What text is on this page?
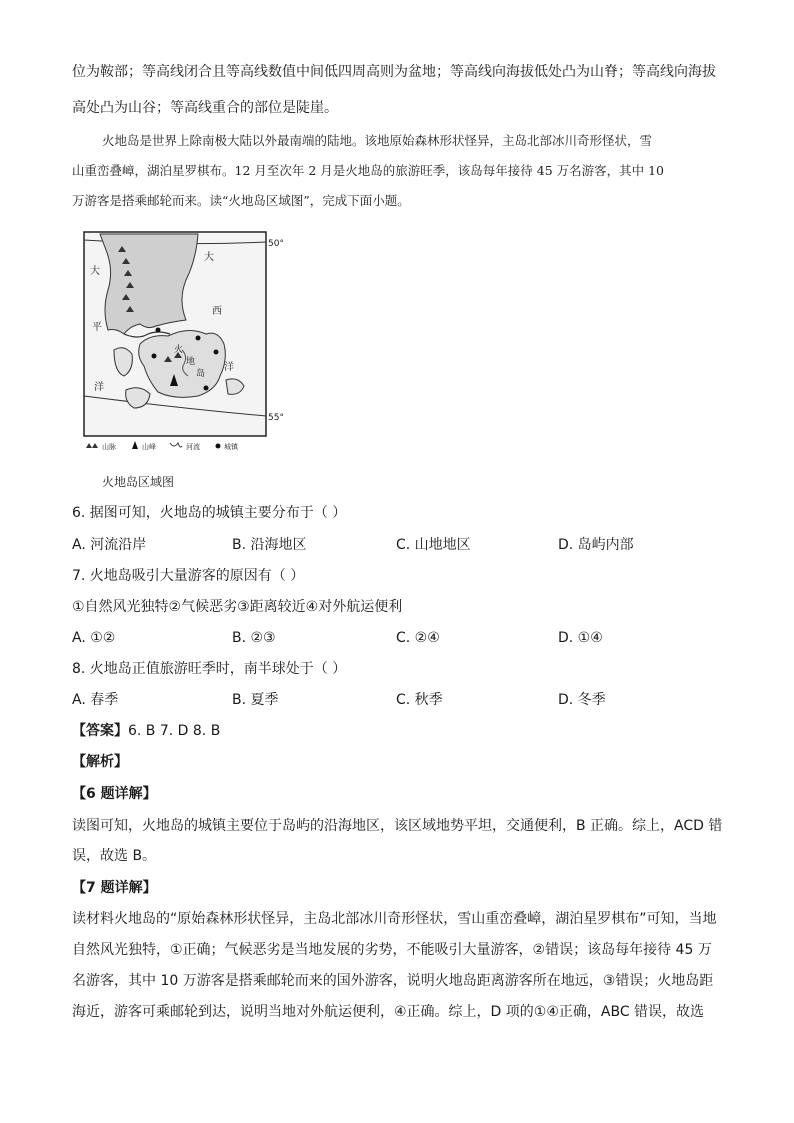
位为鞍部；等高线闭合且等高线数值中间低四周高则为盆地；等高线向海拔低处凸为山脊；等高线向海拔
高处凸为山谷；等高线重合的部位是陡崖。
火地岛是世界上除南极大陆以外最南端的陆地。该地原始森林形状怪异，主岛北部冰川奇形怪状，雪
山重峦叠嶂，湖泊星罗棋布。12 月至次年 2 月是火地岛的旅游旺季，该岛每年接待 45 万名游客，其中 10
万游客是搭乘邮轮而来。读“火地岛区域图”，完成下面小题。
50°
55°
大
西
洋
大
平
洋
火
地
岛
山脉	山峰	河流	城镇
火地岛区域图
6. 据图可知，火地岛的城镇主要分布于（ ）
A. 河流沿岸	B. 沿海地区	C. 山地地区	D. 岛屿内部
7. 火地岛吸引大量游客的原因有（ ）
①自然风光独特②气候恶劣③距离较近④对外航运便利
A. ①②	B. ②③	C. ②④	D. ①④
8. 火地岛正值旅游旺季时，南半球处于（ ）
A. 春季	B. 夏季	C. 秋季	D. 冬季
【答案】6. B 7. D 8. B
【解析】
【6 题详解】
读图可知，火地岛的城镇主要位于岛屿的沿海地区，该区域地势平坦，交通便利，B 正确。综上，ACD 错
误，故选 B。
【7 题详解】
读材料火地岛的“原始森林形状怪异，主岛北部冰川奇形怪状，雪山重峦叠嶂，湖泊星罗棋布”可知，当地
自然风光独特，①正确；气候恶劣是当地发展的劣势，不能吸引大量游客，②错误；该岛每年接待 45 万
名游客，其中 10 万游客是搭乘邮轮而来的国外游客，说明火地岛距离游客所在地远，③错误；火地岛距
海近，游客可乘邮轮到达，说明当地对外航运便利，④正确。综上，D 项的①④正确，ABC 错误，故选
